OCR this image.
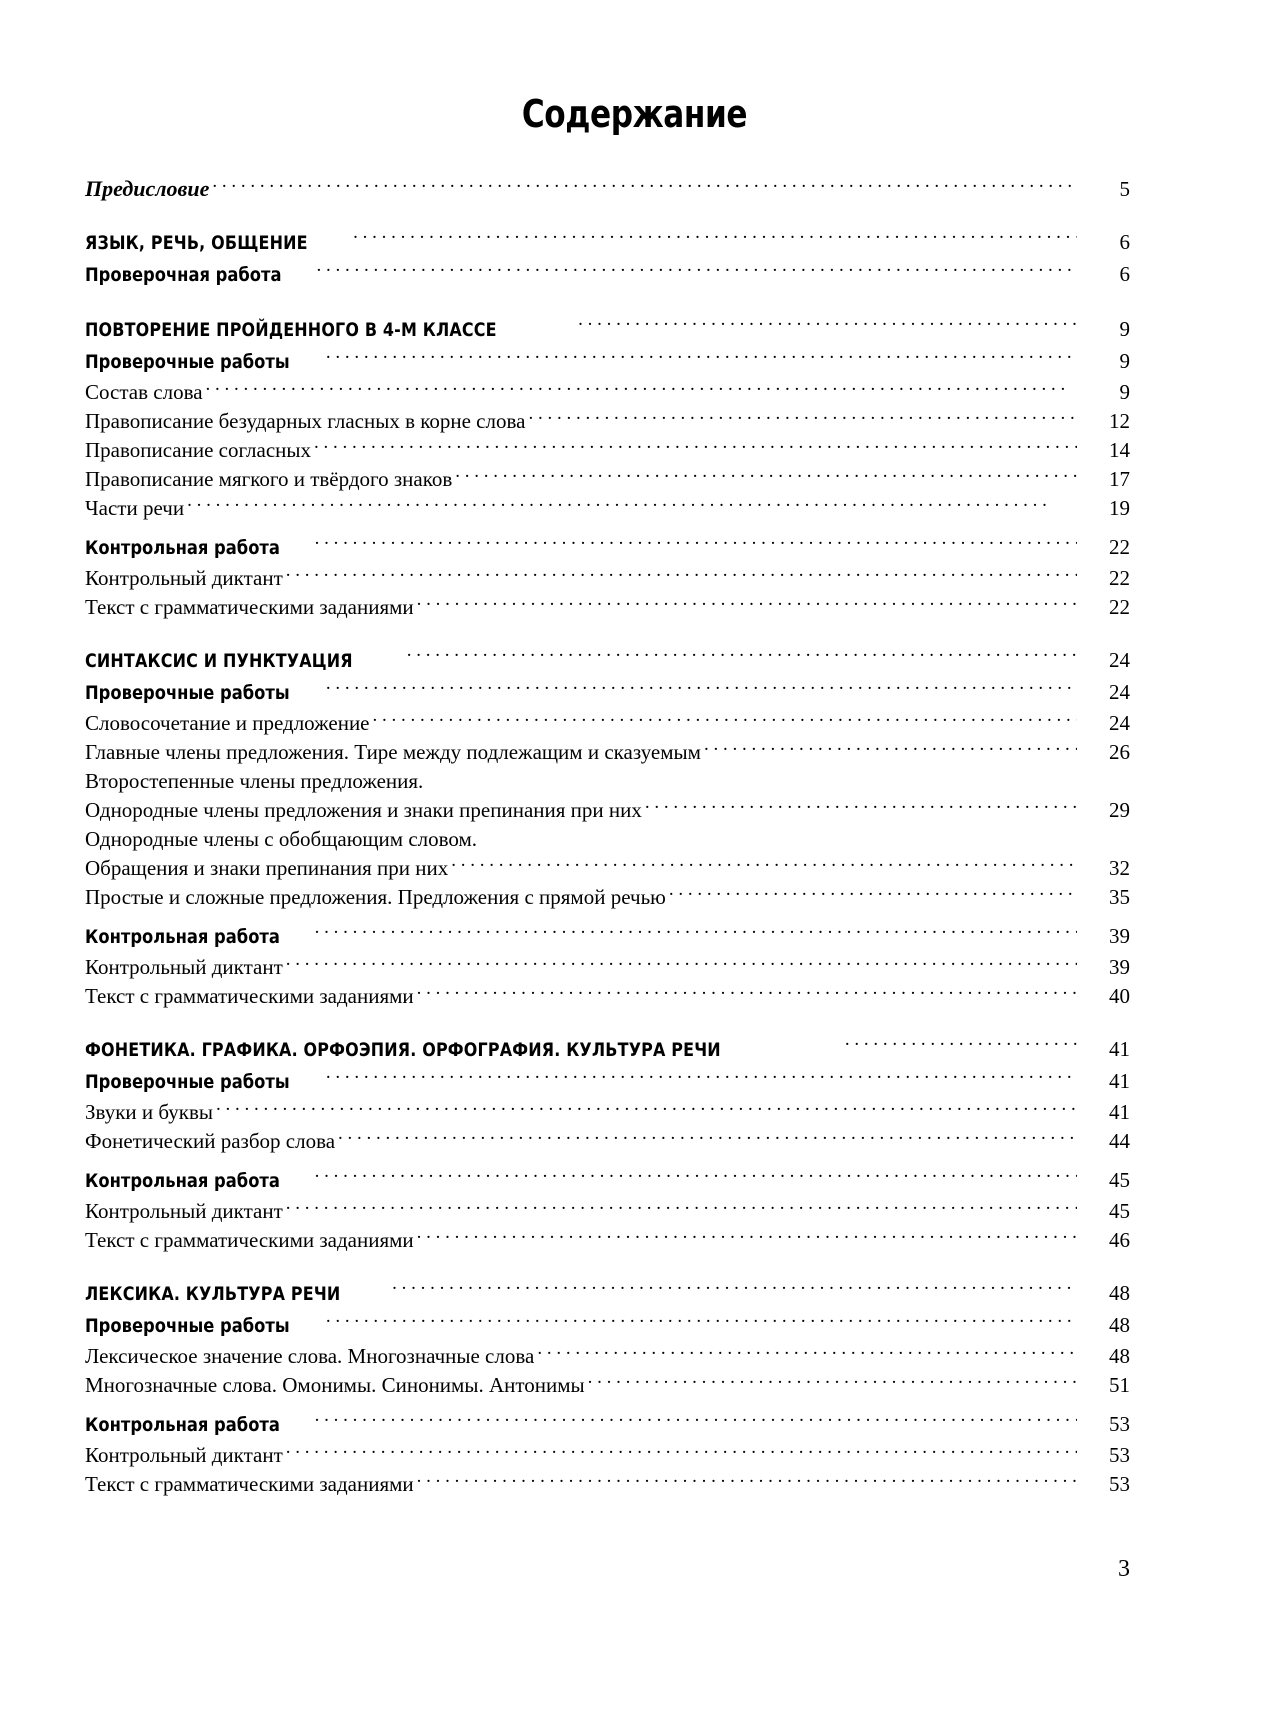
Содержание
Предисловие . . .	5
ЯЗЫК, РЕЧЬ, ОБЩЕНИЕ . . .	6
Проверочная работа . . .	6
ПОВТОРЕНИЕ ПРОЙДЕННОГО В 4-М КЛАССЕ . . .	9
Проверочные работы . . .	9
Состав слова . . .	9
Правописание безударных гласных в корне слова . . .	12
Правописание согласных . . .	14
Правописание мягкого и твёрдого знаков . . .	17
Части речи . . .	19
Контрольная работа . . .	22
Контрольный диктант . . .	22
Текст с грамматическими заданиями . . .	22
СИНТАКСИС И ПУНКТУАЦИЯ . . .	24
Проверочные работы . . .	24
Словосочетание и предложение . . .	24
Главные члены предложения. Тире между подлежащим и сказуемым . . .	26
Второстепенные члены предложения.
Однородные члены предложения и знаки препинания при них . . .	29
Однородные члены с обобщающим словом.
Обращения и знаки препинания при них . . .	32
Простые и сложные предложения. Предложения с прямой речью . . .	35
Контрольная работа . . .	39
Контрольный диктант . . .	39
Текст с грамматическими заданиями . . .	40
ФОНЕТИКА. ГРАФИКА. ОРФОЭПИЯ. ОРФОГРАФИЯ. КУЛЬТУРА РЕЧИ . . .	41
Проверочные работы . . .	41
Звуки и буквы . . .	41
Фонетический разбор слова . . .	44
Контрольная работа . . .	45
Контрольный диктант . . .	45
Текст с грамматическими заданиями . . .	46
ЛЕКСИКА. КУЛЬТУРА РЕЧИ . . .	48
Проверочные работы . . .	48
Лексическое значение слова. Многозначные слова . . .	48
Многозначные слова. Омонимы. Синонимы. Антонимы . . .	51
Контрольная работа . . .	53
Контрольный диктант . . .	53
Текст с грамматическими заданиями . . .	53
3
